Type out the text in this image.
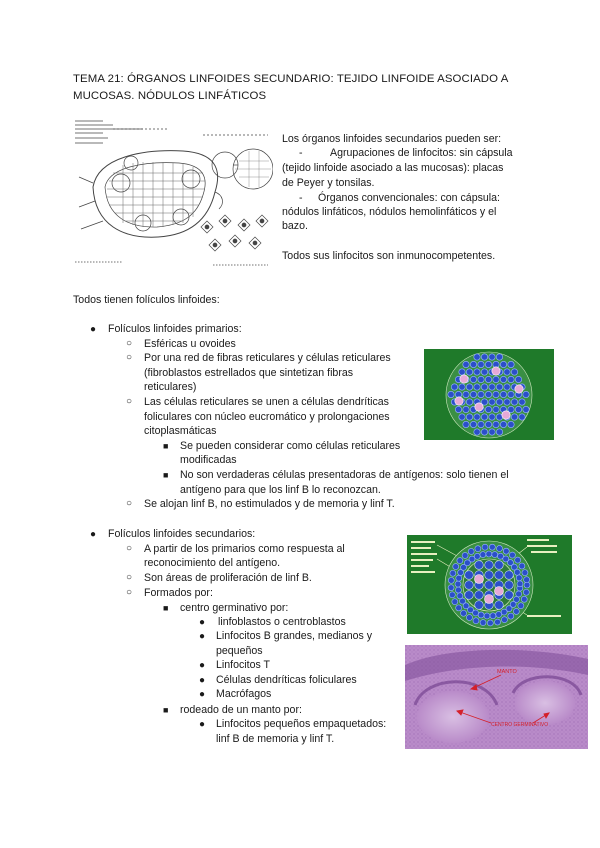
TEMA 21: ÓRGANOS LINFOIDES SECUNDARIO: TEJIDO LINFOIDE ASOCIADO A
MUCOSAS. NÓDULOS LINFÁTICOS
Los órganos linfoides secundarios pueden ser:
-	Agrupaciones de linfocitos: sin cápsula
(tejido linfoide asociado a las mucosas): placas
de Peyer y tonsilas.
- Órganos convencionales: con cápsula:
nódulos linfáticos, nódulos hemolinfáticos y el
bazo.
Todos sus linfocitos son inmunocompetentes.
Todos tienen folículos linfoides:
● Folículos linfoides primarios:
○ Esféricas u ovoides
○ Por una red de fibras reticulares y células reticulares
(fibroblastos estrellados que sintetizan fibras
reticulares)
○ Las células reticulares se unen a células dendríticas
foliculares con núcleo eucromático y prolongaciones
citoplasmáticas
■ Se pueden considerar como células reticulares
modificadas
■ No son verdaderas células presentadoras de antígenos: solo tienen el
antígeno para que los linf B lo reconozcan.
○ Se alojan linf B, no estimulados y de memoria y linf T.
● Folículos linfoides secundarios:
○ A partir de los primarios como respuesta al
reconocimiento del antígeno.
○ Son áreas de proliferación de linf B.
○ Formados por:
■ centro germinativo por:
● linfoblastos o centroblastos
● Linfocitos B grandes, medianos y
pequeños
● Linfocitos T
● Células dendríticas foliculares
● Macrófagos
■ rodeado de un manto por:
● Linfocitos pequeños empaquetados:
linf B de memoria y linf T.
MANTO
CENTRO GERMINATIVO
